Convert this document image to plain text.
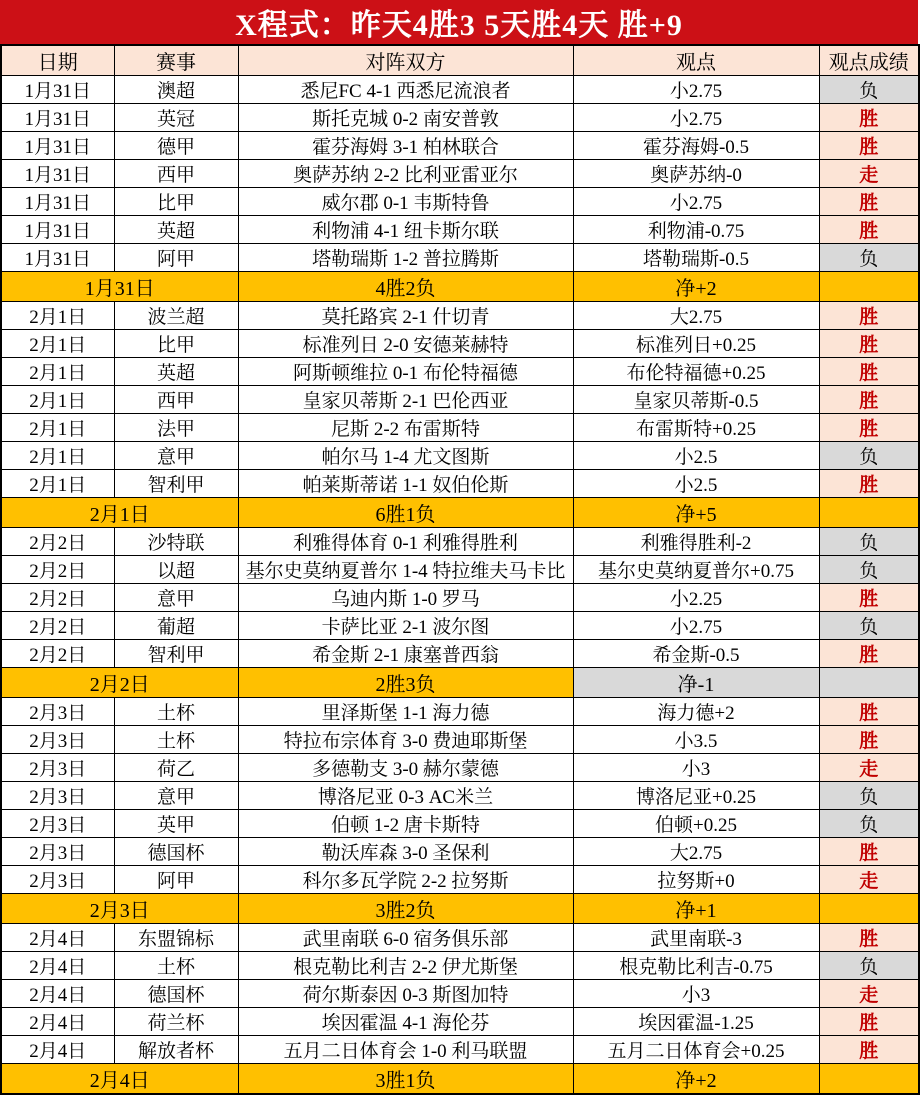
X程式：昨天4胜3 5天胜4天 胜+9
日期	赛事	对阵双方	观点	观点成绩
1月31日	澳超	悉尼FC 4-1 西悉尼流浪者	小2.75	负
1月31日	英冠	斯托克城 0-2 南安普敦	小2.75	胜
1月31日	德甲	霍芬海姆 3-1 柏林联合	霍芬海姆-0.5	胜
1月31日	西甲	奥萨苏纳 2-2 比利亚雷亚尔	奥萨苏纳-0	走
1月31日	比甲	威尔郡 0-1 韦斯特鲁	小2.75	胜
1月31日	英超	利物浦 4-1 纽卡斯尔联	利物浦-0.75	胜
1月31日	阿甲	塔勒瑞斯 1-2 普拉腾斯	塔勒瑞斯-0.5	负
1月31日		4胜2负	净+2	
2月1日	波兰超	莫托路宾 2-1 什切青	大2.75	胜
2月1日	比甲	标准列日 2-0 安德莱赫特	标准列日+0.25	胜
2月1日	英超	阿斯顿维拉 0-1 布伦特福德	布伦特福德+0.25	胜
2月1日	西甲	皇家贝蒂斯 2-1 巴伦西亚	皇家贝蒂斯-0.5	胜
2月1日	法甲	尼斯 2-2 布雷斯特	布雷斯特+0.25	胜
2月1日	意甲	帕尔马 1-4 尤文图斯	小2.5	负
2月1日	智利甲	帕莱斯蒂诺 1-1 奴伯伦斯	小2.5	胜
2月1日		6胜1负	净+5	
2月2日	沙特联	利雅得体育 0-1 利雅得胜利	利雅得胜利-2	负
2月2日	以超	基尔史莫纳夏普尔 1-4 特拉维夫马卡比	基尔史莫纳夏普尔+0.75	负
2月2日	意甲	乌迪内斯 1-0 罗马	小2.25	胜
2月2日	葡超	卡萨比亚 2-1 波尔图	小2.75	负
2月2日	智利甲	希金斯 2-1 康塞普西翁	希金斯-0.5	胜
2月2日		2胜3负	净-1	
2月3日	土杯	里泽斯堡 1-1 海力德	海力德+2	胜
2月3日	土杯	特拉布宗体育 3-0 费迪耶斯堡	小3.5	胜
2月3日	荷乙	多德勒支 3-0 赫尔蒙德	小3	走
2月3日	意甲	博洛尼亚 0-3 AC米兰	博洛尼亚+0.25	负
2月3日	英甲	伯顿 1-2 唐卡斯特	伯顿+0.25	负
2月3日	德国杯	勒沃库森 3-0 圣保利	大2.75	胜
2月3日	阿甲	科尔多瓦学院 2-2 拉努斯	拉努斯+0	走
2月3日		3胜2负	净+1	
2月4日	东盟锦标	武里南联 6-0 宿务俱乐部	武里南联-3	胜
2月4日	土杯	根克勒比利吉 2-2 伊尤斯堡	根克勒比利吉-0.75	负
2月4日	德国杯	荷尔斯泰因 0-3 斯图加特	小3	走
2月4日	荷兰杯	埃因霍温 4-1 海伦芬	埃因霍温-1.25	胜
2月4日	解放者杯	五月二日体育会 1-0 利马联盟	五月二日体育会+0.25	胜
2月4日		3胜1负	净+2	
